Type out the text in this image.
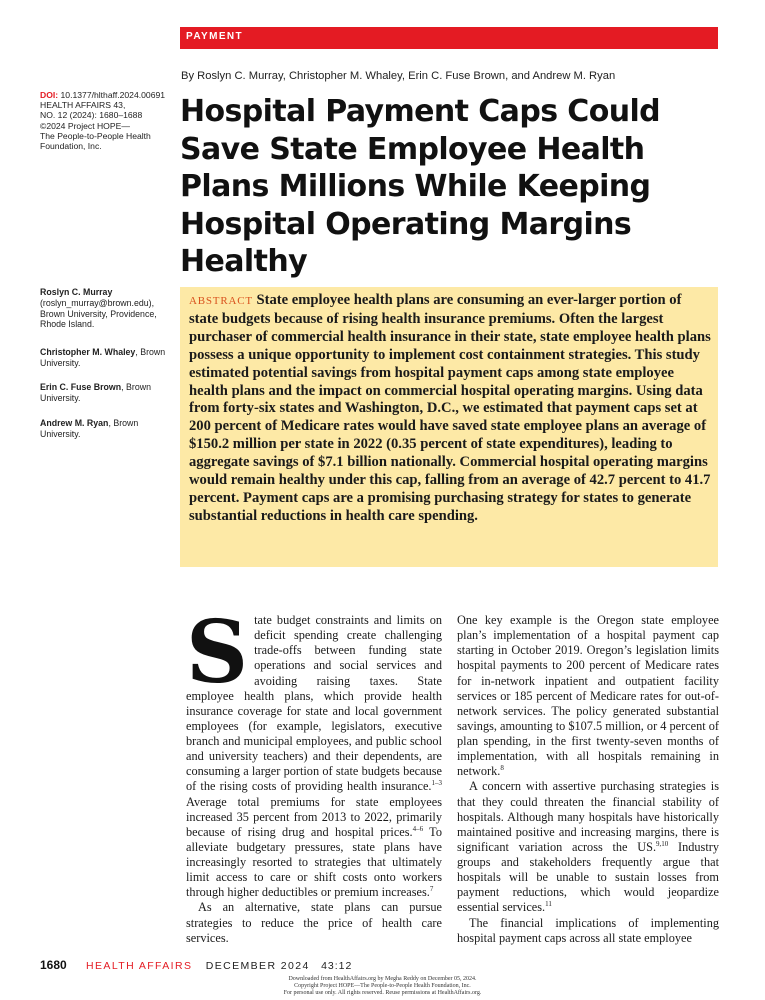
PAYMENT
By Roslyn C. Murray, Christopher M. Whaley, Erin C. Fuse Brown, and Andrew M. Ryan
Hospital Payment Caps Could Save State Employee Health Plans Millions While Keeping Hospital Operating Margins Healthy
DOI: 10.1377/hlthaff.2024.00691
HEALTH AFFAIRS 43,
NO. 12 (2024): 1680–1688
©2024 Project HOPE—
The People-to-People Health Foundation, Inc.
Roslyn C. Murray (roslyn_murray@brown.edu), Brown University, Providence, Rhode Island.
Christopher M. Whaley, Brown University.
Erin C. Fuse Brown, Brown University.
Andrew M. Ryan, Brown University.
ABSTRACT State employee health plans are consuming an ever-larger portion of state budgets because of rising health insurance premiums. Often the largest purchaser of commercial health insurance in their state, state employee health plans possess a unique opportunity to implement cost containment strategies. This study estimated potential savings from hospital payment caps among state employee health plans and the impact on commercial hospital operating margins. Using data from forty-six states and Washington, D.C., we estimated that payment caps set at 200 percent of Medicare rates would have saved state employee plans an average of $150.2 million per state in 2022 (0.35 percent of state expenditures), leading to aggregate savings of $7.1 billion nationally. Commercial hospital operating margins would remain healthy under this cap, falling from an average of 42.7 percent to 41.7 percent. Payment caps are a promising purchasing strategy for states to generate substantial reductions in health care spending.

State budget constraints and limits on deficit spending create challenging trade-offs between funding state operations and social services and avoiding raising taxes. State employee health plans, which provide health insurance coverage for state and local government employees (for example, legislators, executive branch and municipal employees, and public school and university teachers) and their dependents, are consuming a larger portion of state budgets because of the rising costs of providing health insurance.$^{1-3}$ Average total premiums for state employees increased 35 percent from 2013 to 2022, primarily because of rising drug and hospital prices.$^{4-6}$ To alleviate budgetary pressures, state plans have increasingly resorted to strategies that ultimately limit access to care or shift costs onto workers through higher deductibles or premium increases.$^7$

As an alternative, state plans can pursue strategies to reduce the price of health care services.

One key example is the Oregon state employee plan’s implementation of a hospital payment cap starting in October 2019. Oregon’s legislation limits hospital payments to 200 percent of Medicare rates for in-network inpatient and outpatient facility services or 185 percent of Medicare rates for out-of-network services. The policy generated substantial savings, amounting to $107.5 million, or 4 percent of plan spending, in the first twenty-seven months of implementation, with all hospitals remaining in network.$^8$

A concern with assertive purchasing strategies is that they could threaten the financial stability of hospitals. Although many hospitals have historically maintained positive and increasing margins, there is significant variation across the US.$^{9,10}$ Industry groups and stakeholders frequently argue that hospitals will be unable to sustain losses from payment reductions, which would jeopardize essential services.$^{11}$

The financial implications of implementing hospital payment caps across all state employee

1680 HEALTH AFFAIRS DECEMBER 2024 43:12
Downloaded from HealthAffairs.org by Megha Reddy on December 05, 2024.
Copyright Project HOPE—The People-to-People Health Foundation, Inc.
For personal use only. All rights reserved. Reuse permissions at HealthAffairs.org.
